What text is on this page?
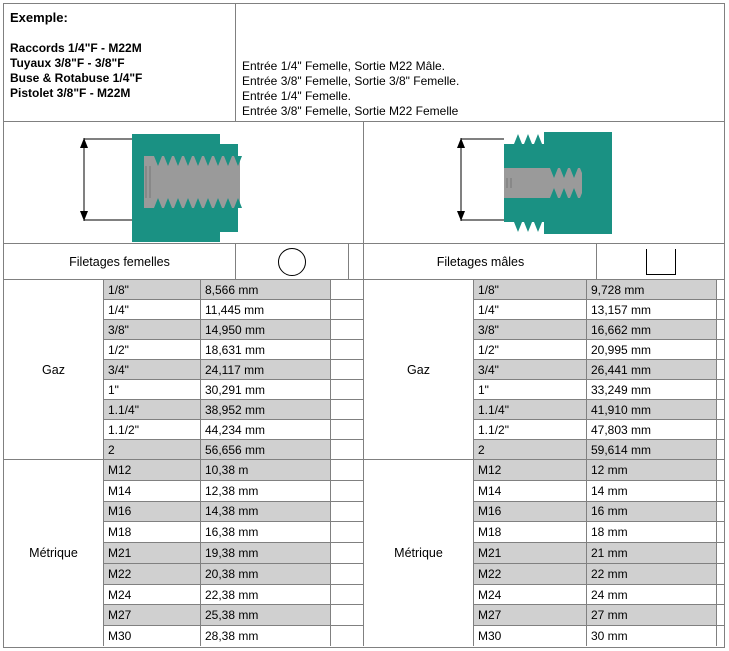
Exemple:
Raccords 1/4"F - M22M
Tuyaux 3/8"F - 3/8"F
Buse & Rotabuse 1/4"F
Pistolet 3/8"F - M22M
Entrée 1/4" Femelle, Sortie M22 Mâle.
Entrée 3/8" Femelle, Sortie 3/8" Femelle.
Entrée 1/4" Femelle.
Entrée 3/8" Femelle, Sortie M22 Femelle
Filetages femelles	Filetages mâles
Gaz
1/8"	8,566 mm
1/4"	11,445 mm
3/8"	14,950 mm
1/2"	18,631 mm
3/4"	24,117 mm
1"	30,291 mm
1.1/4"	38,952 mm
1.1/2"	44,234 mm
2	56,656 mm
Gaz
1/8"	9,728 mm
1/4"	13,157 mm
3/8"	16,662 mm
1/2"	20,995 mm
3/4"	26,441 mm
1"	33,249 mm
1.1/4"	41,910 mm
1.1/2"	47,803 mm
2	59,614 mm
Métrique
M12	10,38 m
M14	12,38 mm
M16	14,38 mm
M18	16,38 mm
M21	19,38 mm
M22	20,38 mm
M24	22,38 mm
M27	25,38 mm
M30	28,38 mm
Métrique
M12	12 mm
M14	14 mm
M16	16 mm
M18	18 mm
M21	21 mm
M22	22 mm
M24	24 mm
M27	27 mm
M30	30 mm
